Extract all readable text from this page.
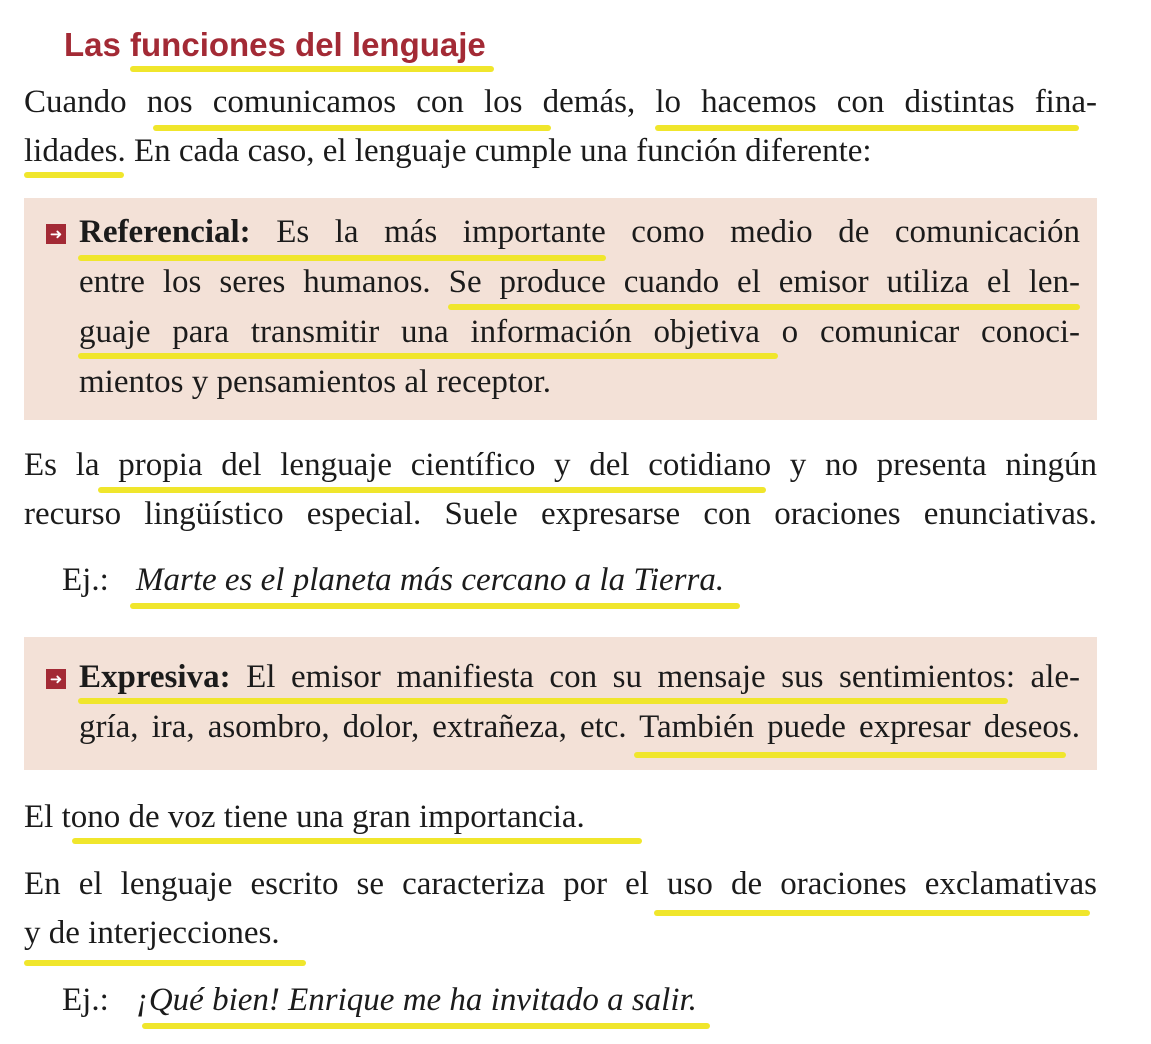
Las funciones del lenguaje
Cuando nos comunicamos con los demás, lo hacemos con distintas fina-
lidades. En cada caso, el lenguaje cumple una función diferente:
➜ Referencial: Es la más importante como medio de comunicación
entre los seres humanos. Se produce cuando el emisor utiliza el len-
guaje para transmitir una información objetiva o comunicar conoci-
mientos y pensamientos al receptor.
Es la propia del lenguaje científico y del cotidiano y no presenta ningún
recurso lingüístico especial. Suele expresarse con oraciones enunciativas.
Ej.: Marte es el planeta más cercano a la Tierra.
➜ Expresiva: El emisor manifiesta con su mensaje sus sentimientos: ale-
gría, ira, asombro, dolor, extrañeza, etc. También puede expresar deseos.
El tono de voz tiene una gran importancia.
En el lenguaje escrito se caracteriza por el uso de oraciones exclamativas
y de interjecciones.
Ej.: ¡Qué bien! Enrique me ha invitado a salir.
